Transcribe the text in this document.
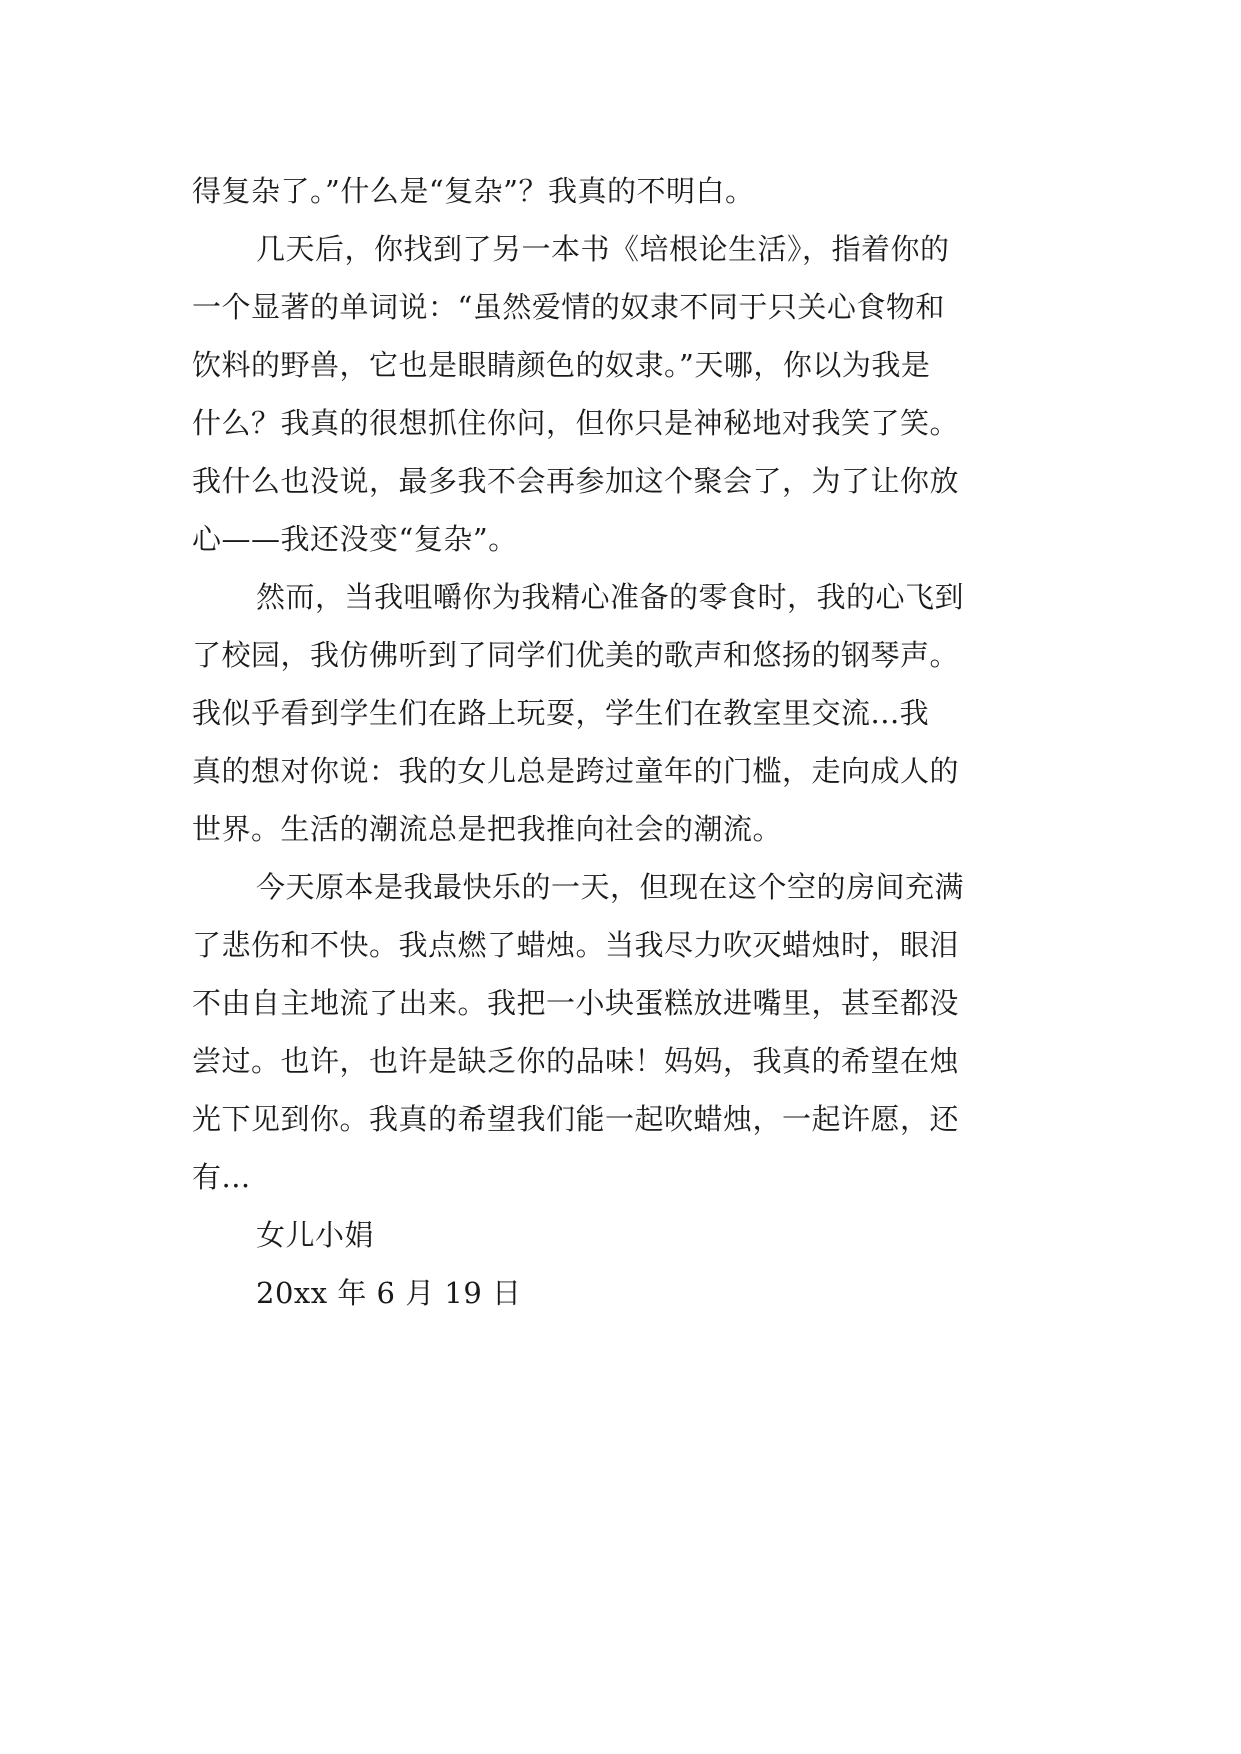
得复杂了。”什么是“复杂”？我真的不明白。
几天后，你找到了另一本书《培根论生活》，指着你的
一个显著的单词说：“虽然爱情的奴隶不同于只关心食物和
饮料的野兽，它也是眼睛颜色的奴隶。”天哪，你以为我是
什么？我真的很想抓住你问，但你只是神秘地对我笑了笑。
我什么也没说，最多我不会再参加这个聚会了，为了让你放
心——我还没变“复杂”。
然而，当我咀嚼你为我精心准备的零食时，我的心飞到
了校园，我仿佛听到了同学们优美的歌声和悠扬的钢琴声。
我似乎看到学生们在路上玩耍，学生们在教室里交流...我
真的想对你说：我的女儿总是跨过童年的门槛，走向成人的
世界。生活的潮流总是把我推向社会的潮流。
今天原本是我最快乐的一天，但现在这个空的房间充满
了悲伤和不快。我点燃了蜡烛。当我尽力吹灭蜡烛时，眼泪
不由自主地流了出来。我把一小块蛋糕放进嘴里，甚至都没
尝过。也许，也许是缺乏你的品味！妈妈，我真的希望在烛
光下见到你。我真的希望我们能一起吹蜡烛，一起许愿，还
有...
女儿小娟
20xx 年 6 月 19 日
